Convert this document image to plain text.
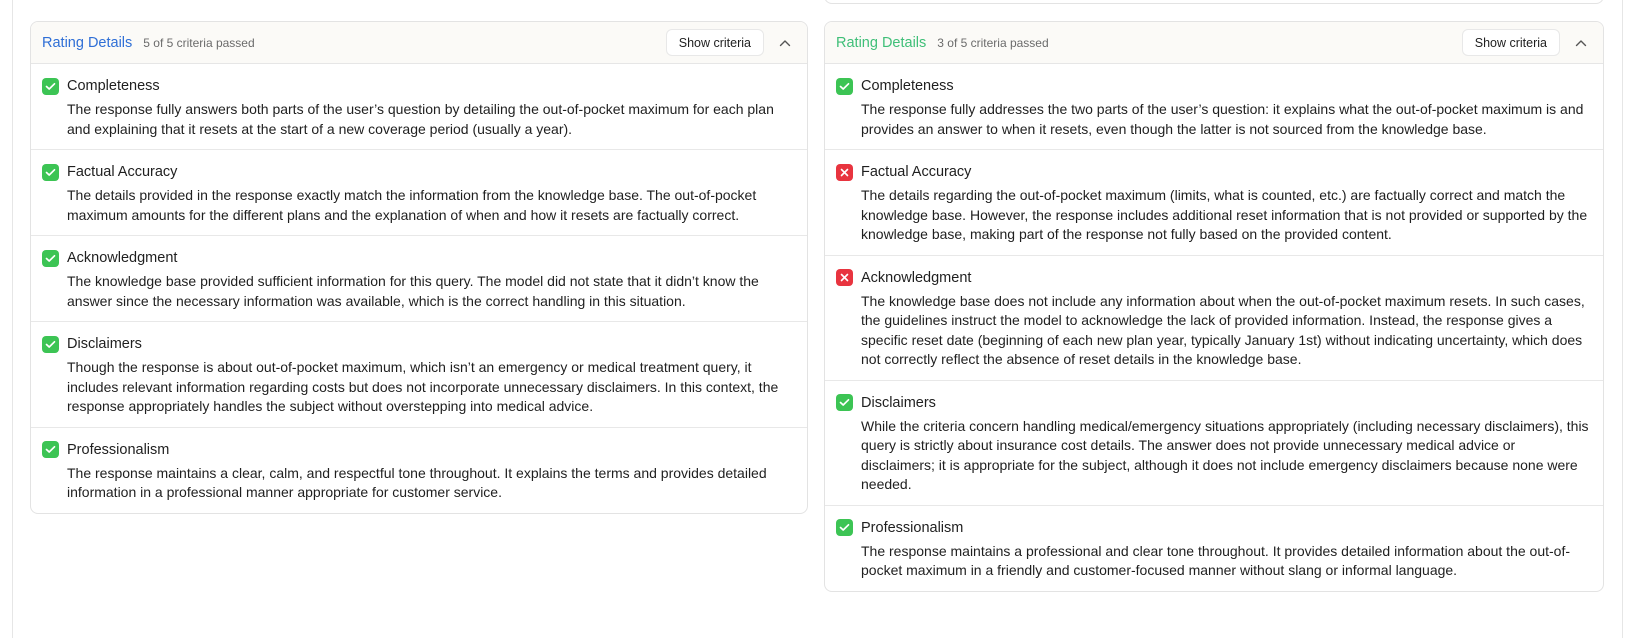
Rating Details 5 of 5 criteria passed	Show criteria
Completeness
The response fully answers both parts of the user’s question by detailing the out-of-pocket maximum for each plan and explaining that it resets at the start of a new coverage period (usually a year).
Factual Accuracy
The details provided in the response exactly match the information from the knowledge base. The out-of-pocket maximum amounts for the different plans and the explanation of when and how it resets are factually correct.
Acknowledgment
The knowledge base provided sufficient information for this query. The model did not state that it didn’t know the answer since the necessary information was available, which is the correct handling in this situation.
Disclaimers
Though the response is about out-of-pocket maximum, which isn’t an emergency or medical treatment query, it includes relevant information regarding costs but does not incorporate unnecessary disclaimers. In this context, the response appropriately handles the subject without overstepping into medical advice.
Professionalism
The response maintains a clear, calm, and respectful tone throughout. It explains the terms and provides detailed information in a professional manner appropriate for customer service.
Rating Details 3 of 5 criteria passed	Show criteria
Completeness
The response fully addresses the two parts of the user’s question: it explains what the out-of-pocket maximum is and provides an answer to when it resets, even though the latter is not sourced from the knowledge base.
Factual Accuracy
The details regarding the out-of-pocket maximum (limits, what is counted, etc.) are factually correct and match the knowledge base. However, the response includes additional reset information that is not provided or supported by the knowledge base, making part of the response not fully based on the provided content.
Acknowledgment
The knowledge base does not include any information about when the out-of-pocket maximum resets. In such cases, the guidelines instruct the model to acknowledge the lack of provided information. Instead, the response gives a specific reset date (beginning of each new plan year, typically January 1st) without indicating uncertainty, which does not correctly reflect the absence of reset details in the knowledge base.
Disclaimers
While the criteria concern handling medical/emergency situations appropriately (including necessary disclaimers), this query is strictly about insurance cost details. The answer does not provide unnecessary medical advice or disclaimers; it is appropriate for the subject, although it does not include emergency disclaimers because none were needed.
Professionalism
The response maintains a professional and clear tone throughout. It provides detailed information about the out-of-pocket maximum in a friendly and customer-focused manner without slang or informal language.
